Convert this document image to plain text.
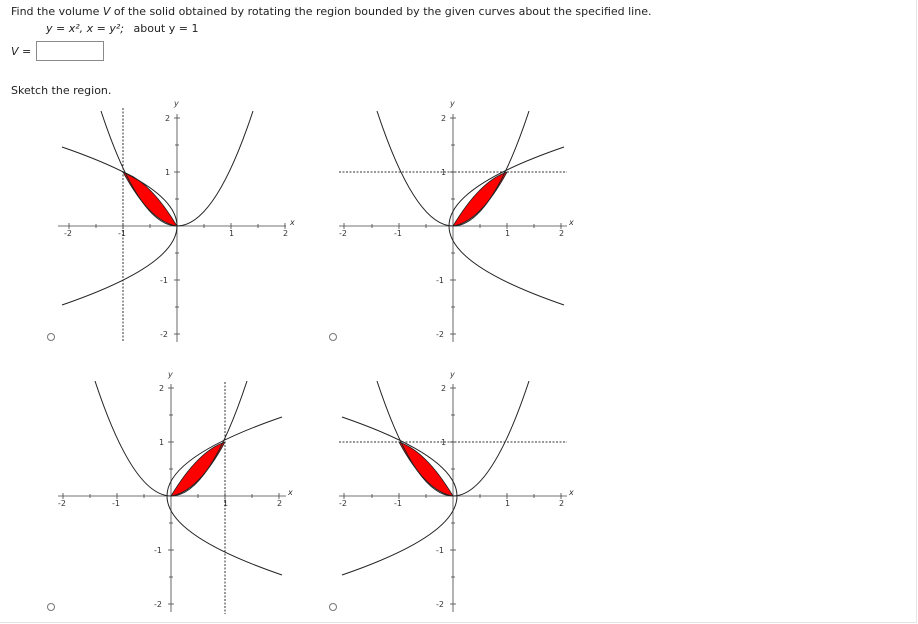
Find the volume V of the solid obtained by rotating the region bounded by the given curves about the specified line.
y = x², x = y²; about y = 1
V =
Sketch the region.
y
x
-2	-1	1	2
2
1
-1
-2
y
x
-2	-1	1	2
2
1
-1
-2
y
x
-2	-1	1	2
2
1
-1
-2
y
x
-2	-1	1	2
2
1
-1
-2
